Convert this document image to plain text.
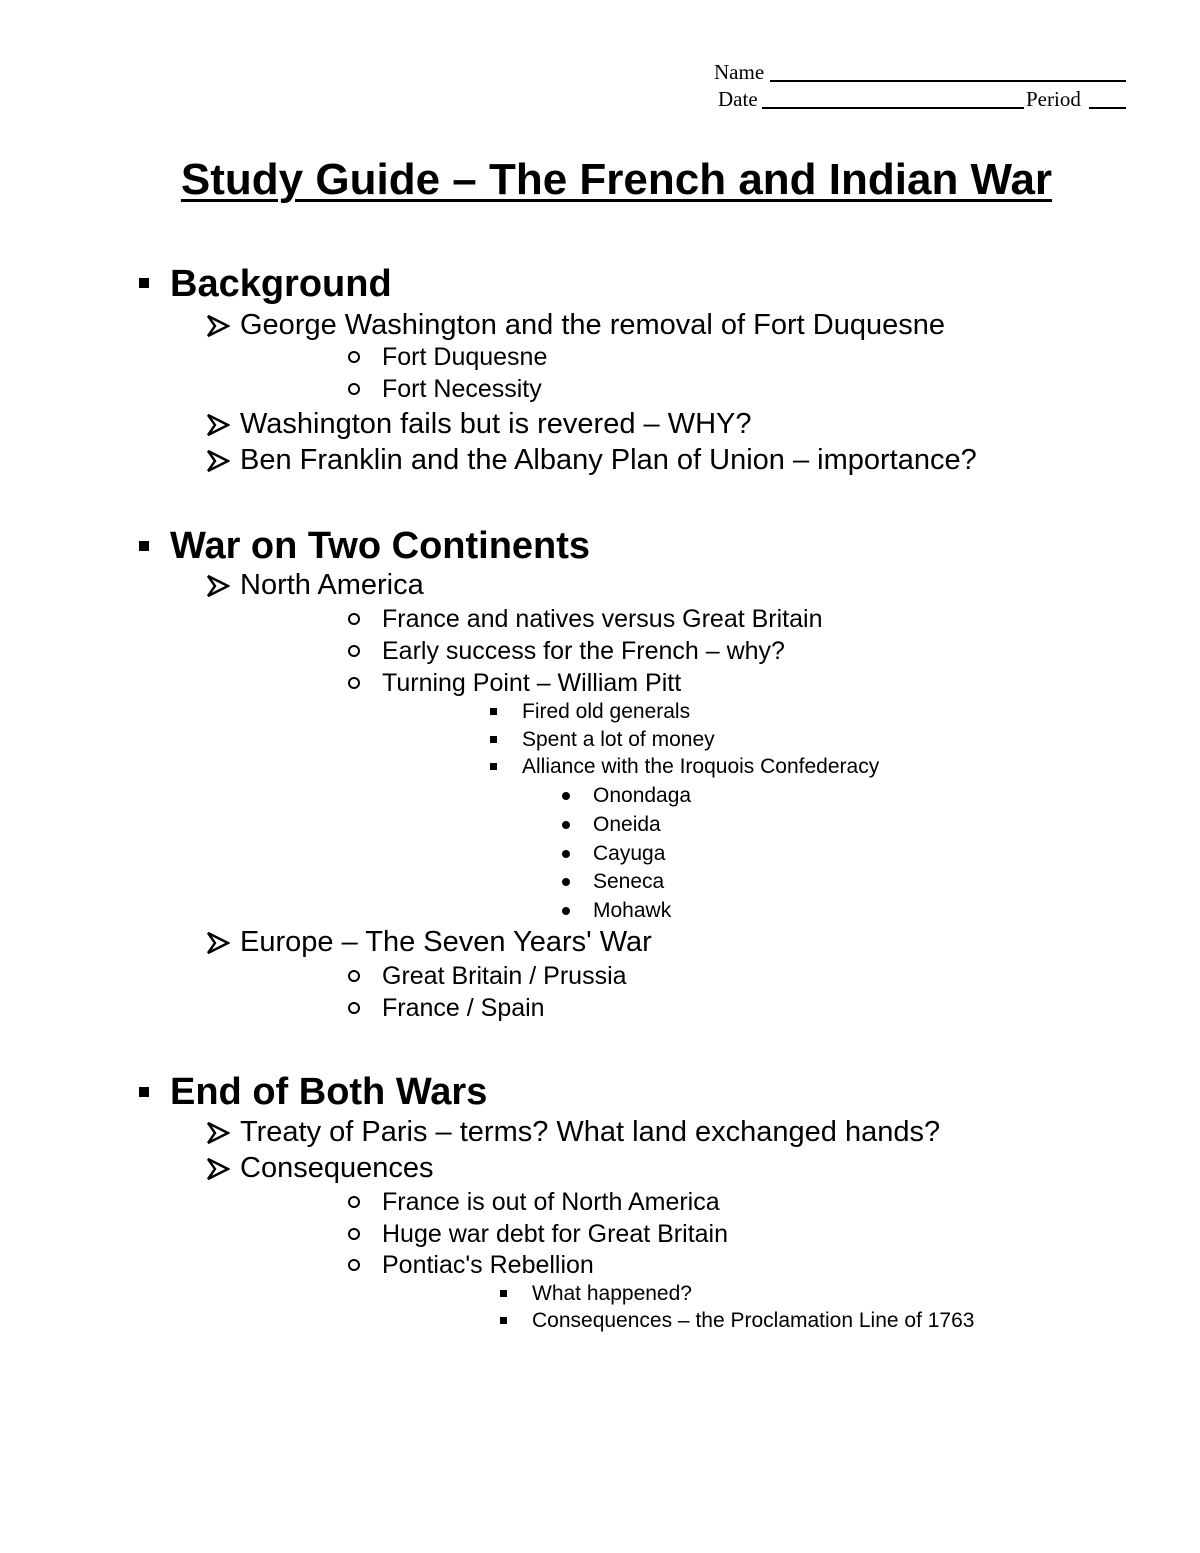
Name
Date	Period
Study Guide – The French and Indian War
Background
George Washington and the removal of Fort Duquesne
Fort Duquesne
Fort Necessity
Washington fails but is revered – WHY?
Ben Franklin and the Albany Plan of Union – importance?
War on Two Continents
North America
France and natives versus Great Britain
Early success for the French – why?
Turning Point – William Pitt
Fired old generals
Spent a lot of money
Alliance with the Iroquois Confederacy
Onondaga
Oneida
Cayuga
Seneca
Mohawk
Europe – The Seven Years' War
Great Britain / Prussia
France / Spain
End of Both Wars
Treaty of Paris – terms? What land exchanged hands?
Consequences
France is out of North America
Huge war debt for Great Britain
Pontiac's Rebellion
What happened?
Consequences – the Proclamation Line of 1763
